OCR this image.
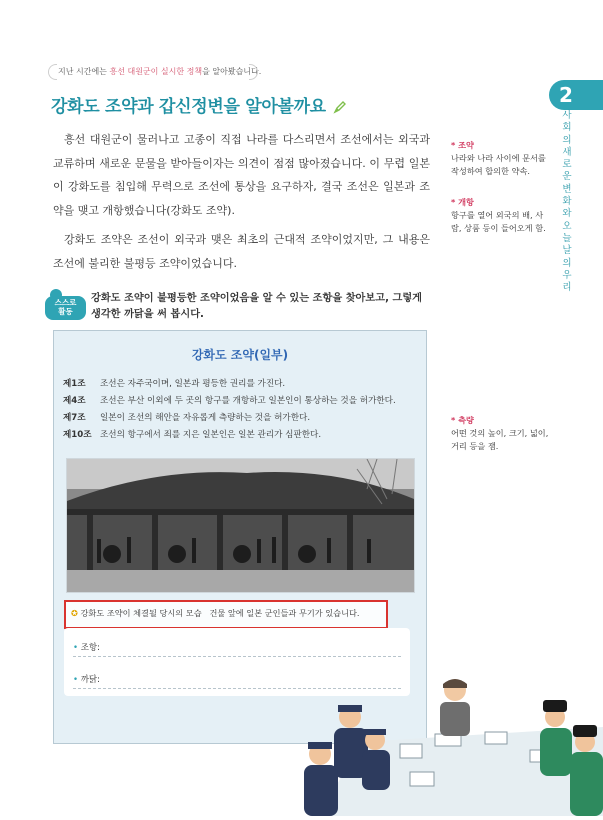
지난 시간에는 흥선 대원군이 실시한 정책을 알아봤습니다.
강화도 조약과 갑신정변을 알아볼까요	2
사회의 새로운 변화와 오늘날의 우리
흥선 대원군이 물러나고 고종이 직접 나라를 다스리면서 조선에서는 외국과 교류하며 새로운 문물을 받아들이자는 의견이 점점 많아졌습니다. 이 무렵 일본이 강화도를 침입해 무력으로 조선에 통상을 요구하자, 결국 조선은 일본과 조약을 맺고 개항했습니다(강화도 조약).
강화도 조약은 조선이 외국과 맺은 최초의 근대적 조약이었지만, 그 내용은 조선에 불리한 불평등 조약이었습니다.
* 조약
나라와 나라 사이에 문서를 작성하여 합의한 약속.
* 개항
항구를 열어 외국의 배, 사람, 상품 등이 들어오게 함.
* 측량
어떤 것의 높이, 크기, 넓이, 거리 등을 잼.
스스로
활동
강화도 조약이 불평등한 조약이었음을 알 수 있는 조항을 찾아보고, 그렇게 생각한 까닭을 써 봅시다.
강화도 조약(일부)
제1조 조선은 자주국이며, 일본과 평등한 권리를 가진다.
제4조 조선은 부산 이외에 두 곳의 항구를 개항하고 일본인이 통상하는 것을 허가한다.
제7조 일본이 조선의 해안을 자유롭게 측량하는 것을 허가한다.
제10조 조선의 항구에서 죄를 지은 일본인은 일본 관리가 심판한다.
✪ 강화도 조약이 체결될 당시의 모습 건물 앞에 일본 군인들과 무기가 있습니다.
• 조항:
• 까닭:
